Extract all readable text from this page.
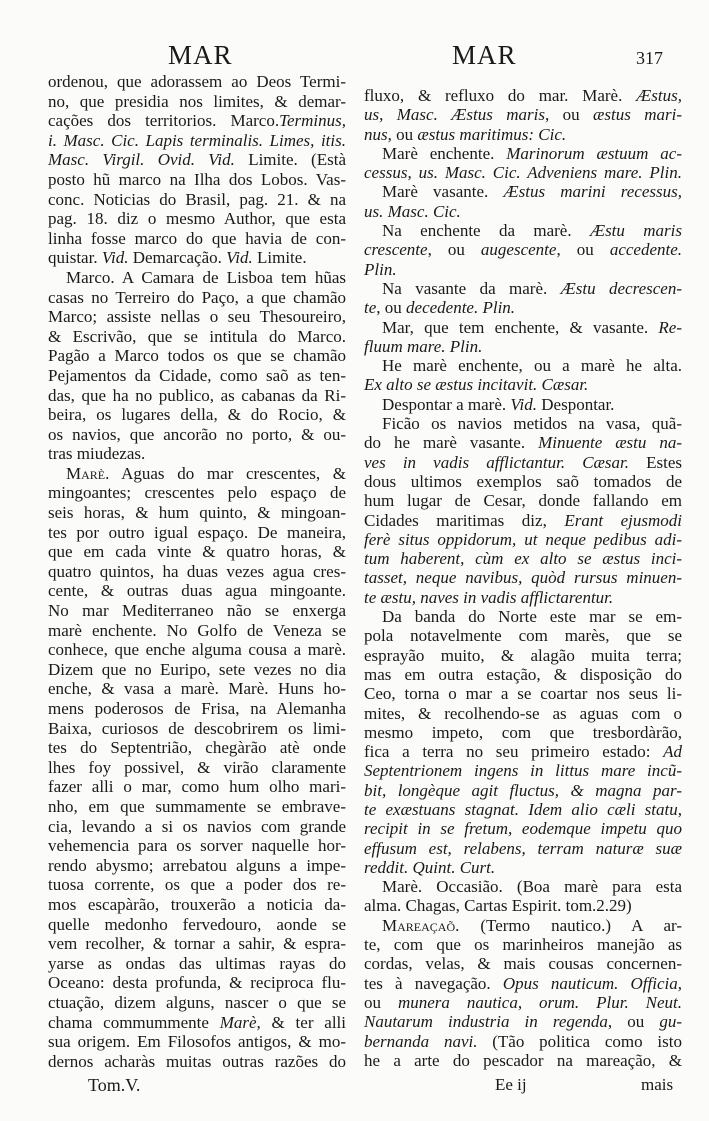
MAR	MAR	317
ordenou, que adorassem ao Deos Termi-
no, que presidia nos limites, & demar-
cações dos territorios. Marco.Terminus,
i. Masc. Cic. Lapis terminalis. Limes, itis.
Masc. Virgil. Ovid. Vid. Limite. (Està
posto hũ marco na Ilha dos Lobos. Vas-
conc. Noticias do Brasil, pag. 21. & na
pag. 18. diz o mesmo Author, que esta
linha fosse marco do que havia de con-
quistar. Vid. Demarcação. Vid. Limite.
Marco. A Camara de Lisboa tem hũas
casas no Terreiro do Paço, a que chamão
Marco; assiste nellas o seu Thesoureiro,
& Escrivão, que se intitula do Marco.
Pagão a Marco todos os que se chamão
Pejamentos da Cidade, como saõ as ten-
das, que ha no publico, as cabanas da Ri-
beira, os lugares della, & do Rocio, &
os navios, que ancorão no porto, & ou-
tras miudezas.
Marè. Aguas do mar crescentes, &
mingoantes; crescentes pelo espaço de
seis horas, & hum quinto, & mingoan-
tes por outro igual espaço. De maneira,
que em cada vinte & quatro horas, &
quatro quintos, ha duas vezes agua cres-
cente, & outras duas agua mingoante.
No mar Mediterraneo não se enxerga
marè enchente. No Golfo de Veneza se
conhece, que enche alguma cousa a marè.
Dizem que no Euripo, sete vezes no dia
enche, & vasa a marè. Marè. Huns ho-
mens poderosos de Frisa, na Alemanha
Baixa, curiosos de descobrirem os limi-
tes do Septentrião, chegàrão atè onde
lhes foy possivel, & virão claramente
fazer alli o mar, como hum olho mari-
nho, em que summamente se embrave-
cia, levando a si os navios com grande
vehemencia para os sorver naquelle hor-
rendo abysmo; arrebatou alguns a impe-
tuosa corrente, os que a poder dos re-
mos escapàrão, trouxerão a noticia da-
quelle medonho fervedouro, aonde se
vem recolher, & tornar a sahir, & espra-
yarse as ondas das ultimas rayas do
Oceano: desta profunda, & reciproca flu-
ctuação, dizem alguns, nascer o que se
chama commummente Marè, & ter alli
sua origem. Em Filosofos antigos, & mo-
dernos acharàs muitas outras razões do
fluxo, & refluxo do mar. Marè. Æstus,
us, Masc. Æstus maris, ou æstus mari-
nus, ou æstus maritimus: Cic.
Marè enchente. Marinorum æstuum ac-
cessus, us. Masc. Cic. Adveniens mare. Plin.
Marè vasante. Æstus marini recessus,
us. Masc. Cic.
Na enchente da marè. Æstu maris
crescente, ou augescente, ou accedente.
Plin.
Na vasante da marè. Æstu decrescen-
te, ou decedente. Plin.
Mar, que tem enchente, & vasante. Re-
fluum mare. Plin.
He marè enchente, ou a marè he alta.
Ex alto se æstus incitavit. Cæsar.
Despontar a marè. Vid. Despontar.
Ficão os navios metidos na vasa, quã-
do he marè vasante. Minuente æstu na-
ves in vadis afflictantur. Cæsar. Estes
dous ultimos exemplos saõ tomados de
hum lugar de Cesar, donde fallando em
Cidades maritimas diz, Erant ejusmodi
ferè situs oppidorum, ut neque pedibus adi-
tum haberent, cùm ex alto se æstus inci-
tasset, neque navibus, quòd rursus minuen-
te æstu, naves in vadis afflictarentur.
Da banda do Norte este mar se em-
pola notavelmente com marès, que se
esprayão muito, & alagão muita terra;
mas em outra estação, & disposição do
Ceo, torna o mar a se coartar nos seus li-
mites, & recolhendo-se as aguas com o
mesmo impeto, com que tresbordàrão,
fica a terra no seu primeiro estado: Ad
Septentrionem ingens in littus mare incũ-
bit, longèque agit fluctus, & magna par-
te exæstuans stagnat. Idem alio cæli statu,
recipit in se fretum, eodemque impetu quo
effusum est, relabens, terram naturæ suæ
reddit. Quint. Curt.
Marè. Occasião. (Boa marè para esta
alma. Chagas, Cartas Espirit. tom.2.29)
Mareaçaõ. (Termo nautico.) A ar-
te, com que os marinheiros manejão as
cordas, velas, & mais cousas concernen-
tes à navegação. Opus nauticum. Officia,
ou munera nautica, orum. Plur. Neut.
Nautarum industria in regenda, ou gu-
bernanda navi. (Tão politica como isto
he a arte do pescador na mareação, &
Tom.V.	Ee ij	mais
